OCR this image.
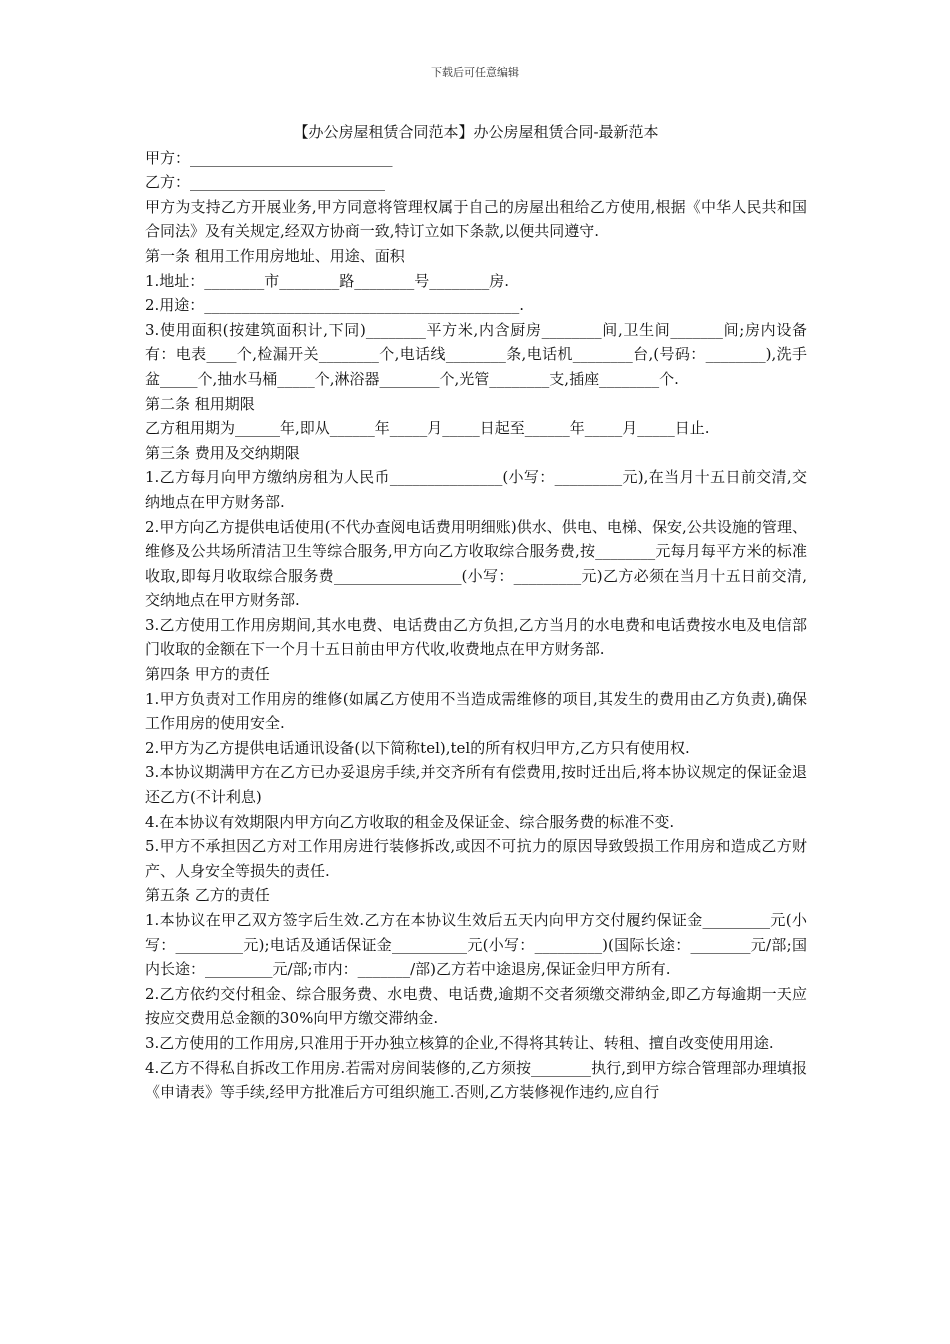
下载后可任意编辑
【办公房屋租赁合同范本】办公房屋租赁合同-最新范本

甲方：___________________________

乙方：__________________________

甲方为支持乙方开展业务,甲方同意将管理权属于自己的房屋出租给乙方使用,根据《中华人民共和国合同法》及有关规定,经双方协商一致,特订立如下条款,以便共同遵守.

第一条 租用工作用房地址、用途、面积

1.地址：________市________路________号________房.

2.用途：__________________________________________.

3.使用面积(按建筑面积计,下同)________平方米,内含厨房________间,卫生间_______间;房内设备有：电表____个,检漏开关________个,电话线________条,电话机________台,(号码：________),洗手盆_____个,抽水马桶_____个,淋浴器________个,光管________支,插座________个.

第二条 租用期限

乙方租用期为______年,即从______年_____月_____日起至______年_____月_____日止.

第三条 费用及交纳期限

1.乙方每月向甲方缴纳房租为人民币_______________(小写：_________元),在当月十五日前交清,交纳地点在甲方财务部.

2.甲方向乙方提供电话使用(不代办查阅电话费用明细账)供水、供电、电梯、保安,公共设施的管理、维修及公共场所清洁卫生等综合服务,甲方向乙方收取综合服务费,按________元每月每平方米的标准收取,即每月收取综合服务费_________________(小写：_________元)乙方必须在当月十五日前交清,交纳地点在甲方财务部.

3.乙方使用工作用房期间,其水电费、电话费由乙方负担,乙方当月的水电费和电话费按水电及电信部门收取的金额在下一个月十五日前由甲方代收,收费地点在甲方财务部.

第四条 甲方的责任

1.甲方负责对工作用房的维修(如属乙方使用不当造成需维修的项目,其发生的费用由乙方负责),确保工作用房的使用安全.

2.甲方为乙方提供电话通讯设备(以下简称tel),tel的所有权归甲方,乙方只有使用权.

3.本协议期满甲方在乙方已办妥退房手续,并交齐所有有偿费用,按时迁出后,将本协议规定的保证金退还乙方(不计利息)

4.在本协议有效期限内甲方向乙方收取的租金及保证金、综合服务费的标准不变.

5.甲方不承担因乙方对工作用房进行装修拆改,或因不可抗力的原因导致毁损工作用房和造成乙方财产、人身安全等损失的责任.

第五条 乙方的责任

1.本协议在甲乙双方签字后生效.乙方在本协议生效后五天内向甲方交付履约保证金_________元(小写：_________元);电话及通话保证金__________元(小写：_________)(国际长途：________元/部;国内长途：_________元/部;市内：_______/部)乙方若中途退房,保证金归甲方所有.

2.乙方依约交付租金、综合服务费、水电费、电话费,逾期不交者须缴交滞纳金,即乙方每逾期一天应按应交费用总金额的30%向甲方缴交滞纳金.

3.乙方使用的工作用房,只准用于开办独立核算的企业,不得将其转让、转租、擅自改变使用用途.

4.乙方不得私自拆改工作用房.若需对房间装修的,乙方须按________执行,到甲方综合管理部办理填报《申请表》等手续,经甲方批准后方可组织施工.否则,乙方装修视作违约,应自行
